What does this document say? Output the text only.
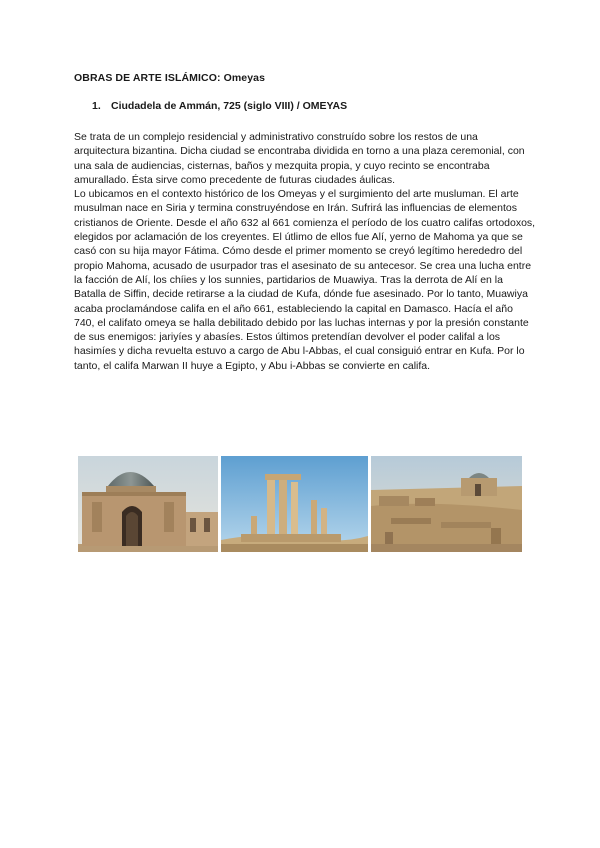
OBRAS DE ARTE ISLÁMICO: Omeyas
1. Ciudadela de Ammán, 725 (siglo VIII) / OMEYAS

Se trata de un complejo residencial y administrativo construído sobre los restos de una arquitectura bizantina. Dicha ciudad se encontraba dividida en torno a una plaza ceremonial, con una sala de audiencias, cisternas, baños y mezquita propia, y cuyo recinto se encontraba amurallado. Ésta sirve como precedente de futuras ciudades áulicas.

Lo ubicamos en el contexto histórico de los Omeyas y el surgimiento del arte musluman. El arte musulman nace en Siria y termina construyéndose en Irán. Sufrirá las influencias de elementos cristianos de Oriente. Desde el año 632 al 661 comienza el período de los cuatro califas ortodoxos, elegidos por aclamación de los creyentes. El útlimo de ellos fue Alí, yerno de Mahoma ya que se casó con su hija mayor Fátima. Cómo desde el primer momento se creyó legítimo herededro del propio Mahoma, acusado de usurpador tras el asesinato de su antecesor. Se crea una lucha entre la facción de Alí, los chíies y los sunnies, partidarios de Muawiya. Tras la derrota de Alí en la Batalla de Siffin, decide retirarse a la ciudad de Kufa, dónde fue asesinado. Por lo tanto, Muawiya acaba proclamándose califa en el año 661, estableciendo la capital en Damasco. Hacía el año 740, el califato omeya se halla debilitado debido por las luchas internas y por la presión constante de sus enemigos: jariyíes y abasíes. Estos últimos pretendían devolver el poder califal a los hasimíes y dicha revuelta estuvo a cargo de Abu l-Abbas, el cual consiguió entrar en Kufa. Por lo tanto, el califa Marwan II huye a Egipto, y Abu i-Abbas se convierte en califa.
